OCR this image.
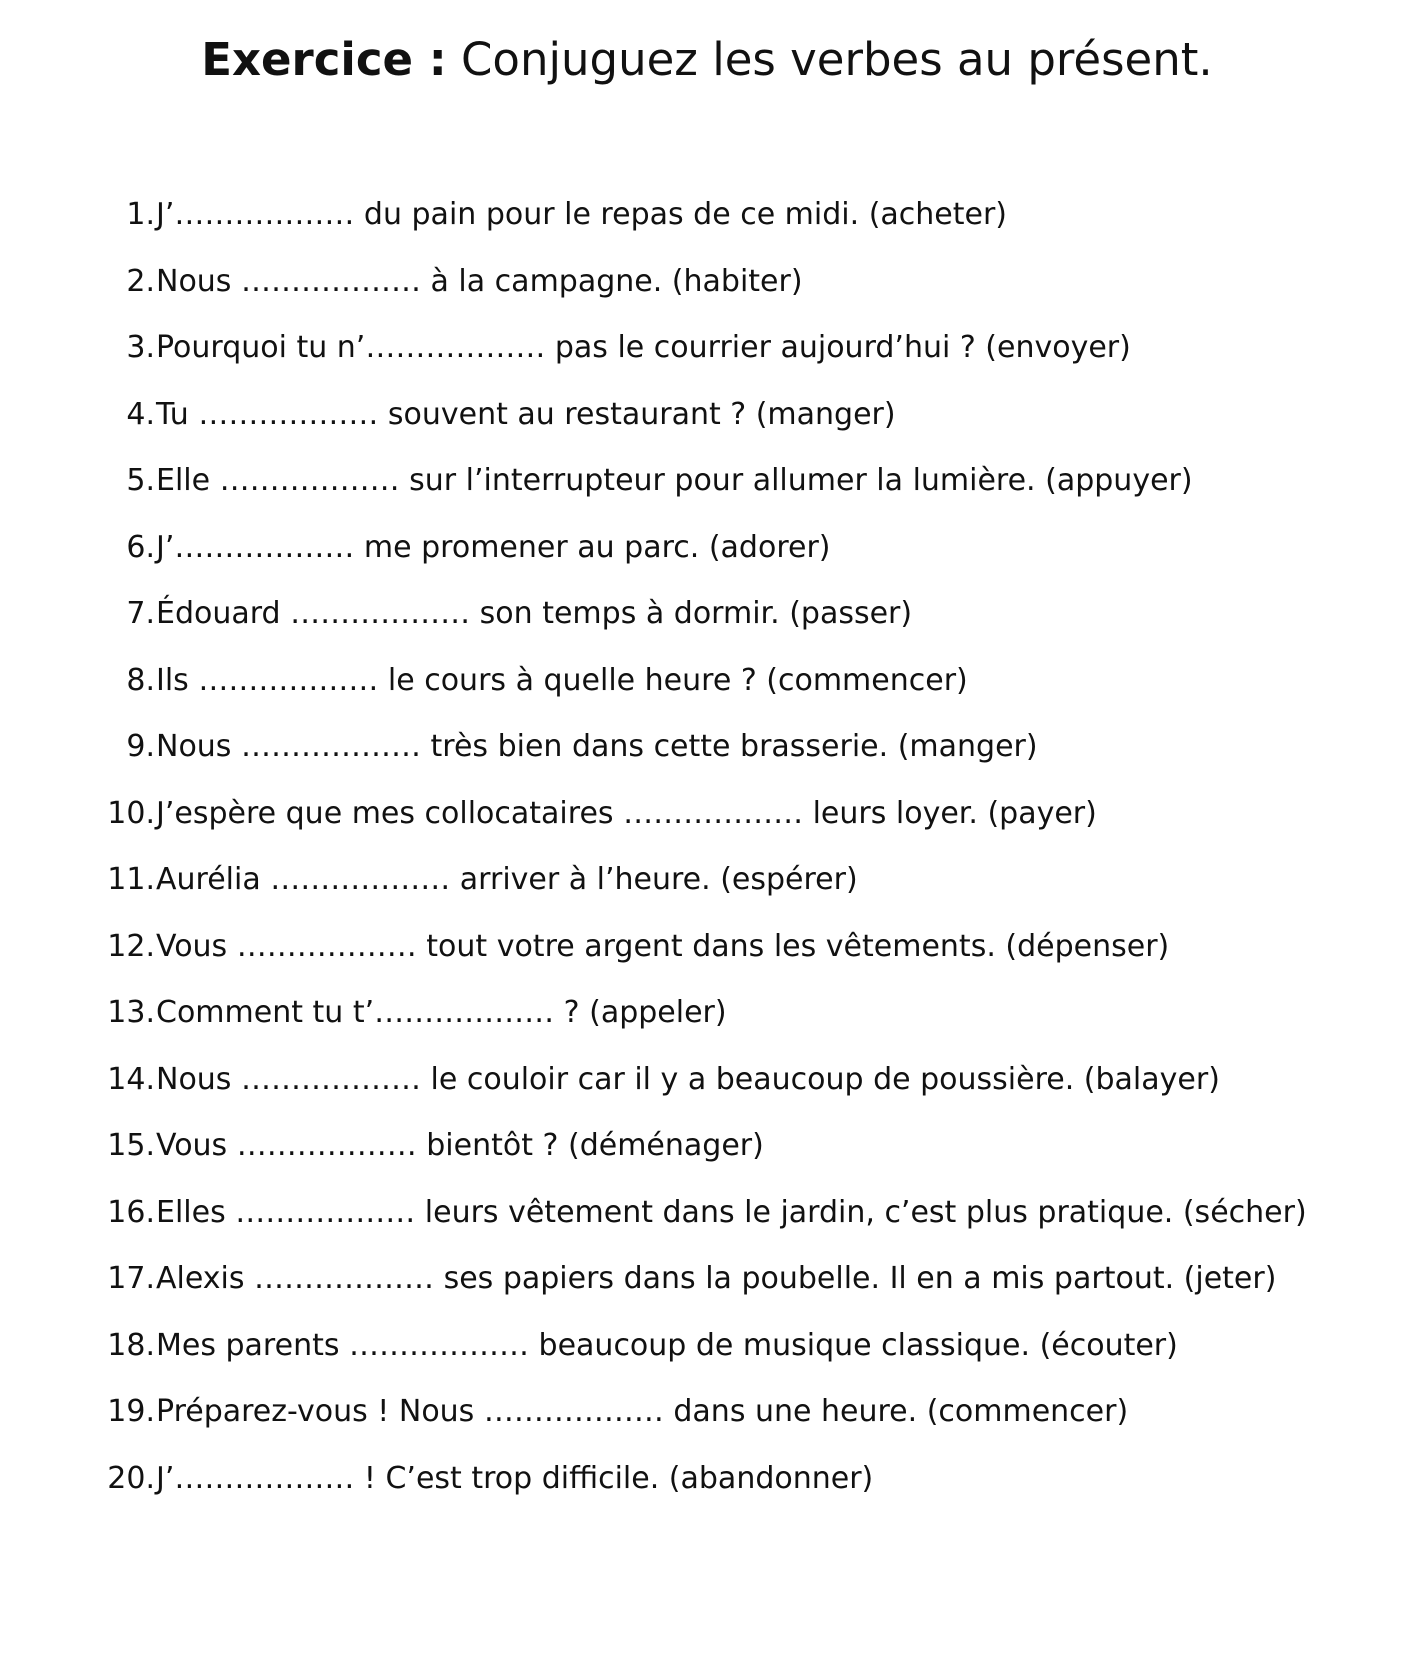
Exercice : Conjuguez les verbes au présent.
1. J’……………… du pain pour le repas de ce midi. (acheter)
2. Nous ……………… à la campagne. (habiter)
3. Pourquoi tu n’……………… pas le courrier aujourd’hui ? (envoyer)
4. Tu ……………… souvent au restaurant ? (manger)
5. Elle ……………… sur l’interrupteur pour allumer la lumière. (appuyer)
6. J’……………… me promener au parc. (adorer)
7. Édouard ……………… son temps à dormir. (passer)
8. Ils ……………… le cours à quelle heure ? (commencer)
9. Nous ……………… très bien dans cette brasserie. (manger)
10. J’espère que mes collocataires ……………… leurs loyer. (payer)
11. Aurélia ……………… arriver à l’heure. (espérer)
12. Vous ……………… tout votre argent dans les vêtements. (dépenser)
13. Comment tu t’……………… ? (appeler)
14. Nous ……………… le couloir car il y a beaucoup de poussière. (balayer)
15. Vous ……………… bientôt ? (déménager)
16. Elles ……………… leurs vêtement dans le jardin, c’est plus pratique. (sécher)
17. Alexis ……………… ses papiers dans la poubelle. Il en a mis partout. (jeter)
18. Mes parents ……………… beaucoup de musique classique. (écouter)
19. Préparez-vous ! Nous ……………… dans une heure. (commencer)
20. J’……………… ! C’est trop difficile. (abandonner)
